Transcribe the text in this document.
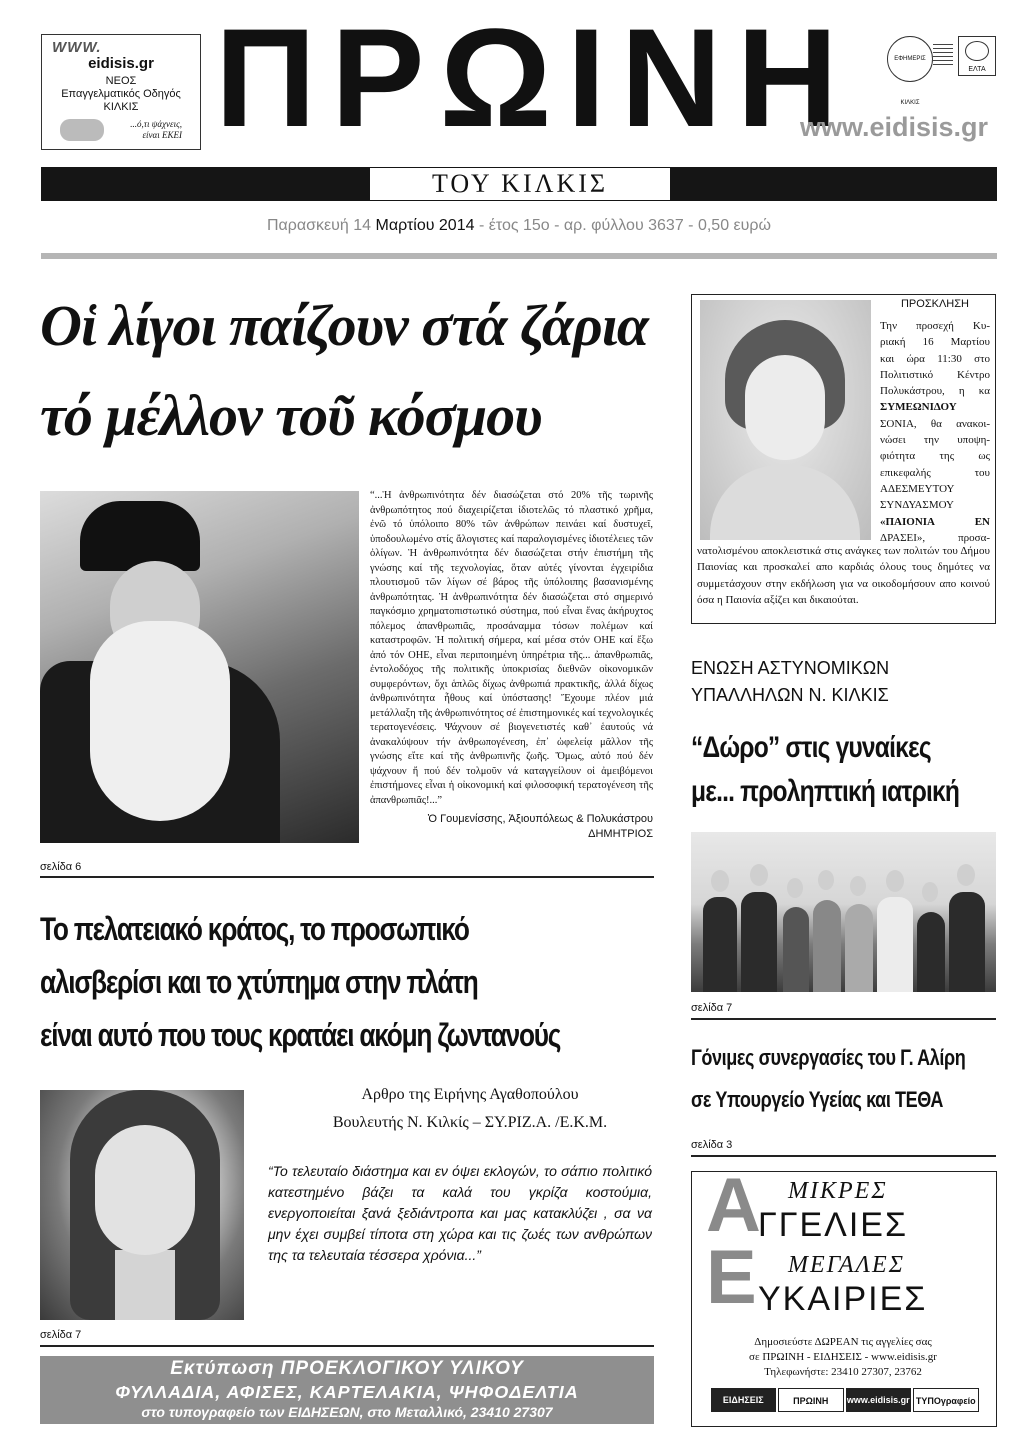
WWW.
eidisis.gr
ΝΕΟΣ
Επαγγελματικός Οδηγός
ΚΙΛΚΙΣ
...ό,τι ψάχνεις,
είναι ΕΚΕΙ ΠΡΩΙΝΗ
www.eidisis.gr
ΕΦΗΜΕΡΙΣ ΚΙΛΚΙΣ
ΕΛΤΑ
ΤΟΥ ΚΙΛΚΙΣ
Παρασκευή 14 Μαρτίου 2014 - έτος 15ο - αρ. φύλλου 3637 - 0,50 ευρώ
Οἱ λίγοι παίζουν στά ζάρια
τό μέλλον τοῦ κόσμου
“...Ἡ ἀνθρωπινότητα δέν διασώζεται στό 20% τῆς τωρινῆς ἀνθρωπότητος πού διαχειρίζεται ἰδιοτελῶς τό πλαστικό χρῆμα, ἐνῶ τό ὑπόλοιπο 80% τῶν ἀνθρώπων πεινάει καί δυστυχεῖ, ὑποδουλωμένο στίς ἄλογιστες καί παραλογισμένες ἰδιοτέλειες τῶν ὀλίγων. Ἡ ἀνθρωπινότητα δέν διασώζεται στήν ἐπιστήμη τῆς γνώσης καί τῆς τεχνολογίας, ὅταν αὐτές γίνονται ἐγχειρίδια πλουτισμοῦ τῶν λίγων σέ βάρος τῆς ὑπόλοιπης βασανισμένης ἀνθρωπότητας. Ἡ ἀνθρωπινότητα δέν διασώζεται στό σημερινό παγκόσμιο χρηματοπιστωτικό σύστημα, πού εἶναι ἕνας ἀκήρυχτος πόλεμος ἀπανθρωπιᾶς, πρoσάναμμα τόσων πολέμων καί καταστροφῶν. Ἡ πολιτική σήμερα, καί μέσα στόν ΟΗΕ καί ἔξω ἀπό τόν ΟΗΕ, εἶναι περιπoιημένη ὑπηρέτρια τῆς... ἀπανθρωπιᾶς, ἐντολοδόχος τῆς πολιτικῆς ὑποκρισίας διεθνῶν οἰκονομικῶν συμφερόντων, ὄχι ἁπλῶς δίχως ἀνθρωπιά πρακτικῆς, ἀλλά δίχως ἀνθρωπινότητα ἦθους καί ὑπόστασης! Ἔχουμε πλέον μιά μετάλλαξη τῆς ἀνθρωπινότητος σέ ἐπιστημονικές καί τεχνολογικές τερατογενέσεις. Ψάχνουν σέ βιογενετιστές καθ᾽ ἑαυτούς νά ἀνακαλύψουν τήν ἀνθρωπογένεση, ἐπ᾽ ὠφελείᾳ μᾶλλον τῆς γνώσης εἴτε καί τῆς ἀνθρωπινῆς ζωῆς. Ὅμως, αὐτό πού δέν ψάχνουν ἤ πού δέν τολμοῦν νά καταγγείλουν οἱ ἀμειβόμενοι ἐπιστήμονες εἶναι ἡ οἰκονομική καί φιλοσοφική τερατογένεση τῆς ἀπανθρωπιᾶς!...”
Ὁ Γουμενίσσης, Ἀξιουπόλεως & Πολυκάστρου
ΔΗΜΗΤΡΙΟΣ
σελίδα 6
Το πελατειακό κράτος, το προσωπικό
αλισβερίσι και το χτύπημα στην πλάτη
είναι αυτό που τους κρατάει ακόμη ζωντανούς
Αρθρο της Ειρήνης Αγαθοπούλου
Βουλευτής Ν. Κιλκίς – ΣΥ.ΡΙΖ.Α. /Ε.Κ.Μ.
“Το τελευταίο διάστημα και εν όψει εκλογών, το σάπιο πολιτικό κατεστημένο βάζει τα καλά του γκρίζα κοστούμια, ενεργοποιείται ξανά ξεδιάντροπα και μας κατακλύζει , σα να μην έχει συμβεί τίποτα στη χώρα και τις ζωές των ανθρώπων της τα τελευταία τέσσερα χρόνια...”
σελίδα 7
Εκτύπωση ΠΡΟΕΚΛΟΓΙΚΟΥ ΥΛΙΚΟΥ
ΦΥΛΛΑΔΙΑ, ΑΦΙΣΕΣ, ΚΑΡΤΕΛΑΚΙΑ, ΨΗΦΟΔΕΛΤΙΑ
στο τυπογραφείο των ΕΙΔΗΣΕΩΝ, στο Μεταλλικό, 23410 27307
ΠΡΟΣΚΛΗΣΗ
Την προσεχή Κυ-
ριακή 16 Μαρτίου
και ώρα 11:30 στο
Πολιτιστικό Κέντρο
Πολυκάστρου, η κα
ΣΥΜΕΩΝΙΔΟΥ
ΣΟΝΙΑ, θα ανακοι-
νώσει την υποψη-
φιότητα της ως
επικεφαλής του
ΑΔΕΣΜΕΥΤΟΥ
ΣΥΝΔΥΑΣΜΟΥ
«ΠΑΙΟΝΙΑ ΕΝ
ΔΡΑΣΕΙ», προσα-
νατολισμένου αποκλειστικά στις ανάγκες των πολιτών του Δήμου Παιονίας και προσκαλεί απο καρδιάς όλους τους δημότες να συμμετάσχουν στην εκδήλωση για να οικοδομήσουν απο κοινού όσα η Παιονία αξίζει και δικαιούται.
ΕΝΩΣΗ ΑΣΤΥΝΟΜΙΚΩΝ
ΥΠΑΛΛΗΛΩΝ Ν. ΚΙΛΚΙΣ
“Δώρο” στις γυναίκες
με... προληπτική ιατρική
σελίδα 7
Γόνιμες συνεργασίες του Γ. Αλίρη
σε Υπουργείο Υγείας και ΤΕΘΑ
σελίδα 3
Α
Ε
ΜΙΚΡΕΣ
ΓΓΕΛΙΕΣ
ΜΕΓΑΛΕΣ
ΥΚΑΙΡΙΕΣ
Δημοσιεύστε ΔΩΡΕΑΝ τις αγγελίες σας
σε ΠΡΩΙΝΗ - ΕΙΔΗΣΕΙΣ - www.eidisis.gr
Τηλεφωνήστε: 23410 27307, 23762
ΕΙΔΗΣΕΙΣ	ΠΡΩΙΝΗ	www.eidisis.gr ΤΥΠΟγραφείο
